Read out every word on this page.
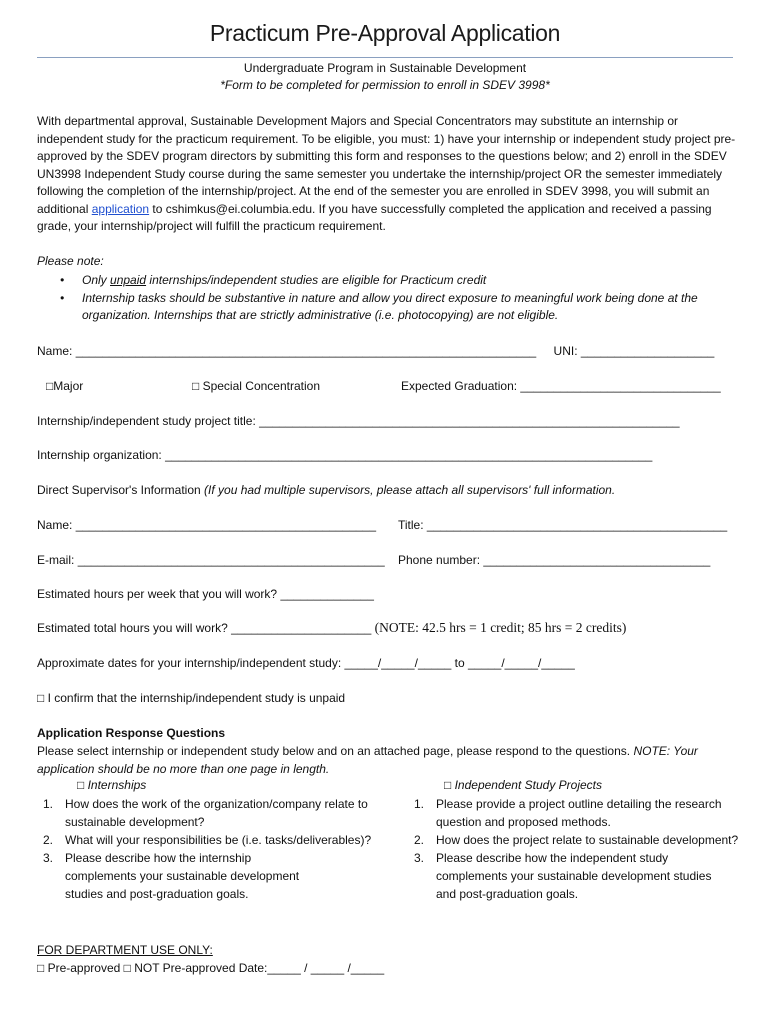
Practicum Pre-Approval Application
Undergraduate Program in Sustainable Development
*Form to be completed for permission to enroll in SDEV 3998*
With departmental approval, Sustainable Development Majors and Special Concentrators may substitute an internship or independent study for the practicum requirement. To be eligible, you must: 1) have your internship or independent study project pre-approved by the SDEV program directors by submitting this form and responses to the questions below; and 2) enroll in the SDEV UN3998 Independent Study course during the same semester you undertake the internship/project OR the semester immediately following the completion of the internship/project. At the end of the semester you are enrolled in SDEV 3998, you will submit an additional application to cshimkus@ei.columbia.edu. If you have successfully completed the application and received a passing grade, your internship/project will fulfill the practicum requirement.
Please note:
• Only unpaid internships/independent studies are eligible for Practicum credit
• Internship tasks should be substantive in nature and allow you direct exposure to meaningful work being done at the organization. Internships that are strictly administrative (i.e. photocopying) are not eligible.
Name: _____________________________________________________________________ UNI: ____________________
□Major	□ Special Concentration	Expected Graduation: ______________________________
Internship/independent study project title: _______________________________________________________________
Internship organization: _________________________________________________________________________
Direct Supervisor's Information (If you had multiple supervisors, please attach all supervisors' full information.
Name: _____________________________________________ Title: _____________________________________________
E-mail: ______________________________________________ Phone number: __________________________________
Estimated hours per week that you will work? ______________
Estimated total hours you will work? _____________________ (NOTE: 42.5 hrs = 1 credit; 85 hrs = 2 credits)
Approximate dates for your internship/independent study: _____/_____/_____ to _____/_____/_____
□ I confirm that the internship/independent study is unpaid
Application Response Questions
Please select internship or independent study below and on an attached page, please respond to the questions. NOTE: Your application should be no more than one page in length.
□ Internships
1. How does the work of the organization/company relate to sustainable development?
2. What will your responsibilities be (i.e. tasks/deliverables)?
3. Please describe how the internship complements your sustainable development studies and post-graduation goals.
□ Independent Study Projects
1. Please provide a project outline detailing the research question and proposed methods.
2. How does the project relate to sustainable development?
3. Please describe how the independent study complements your sustainable development studies and post-graduation goals.
FOR DEPARTMENT USE ONLY:
□ Pre-approved □ NOT Pre-approved Date:_____ / _____ /_____
